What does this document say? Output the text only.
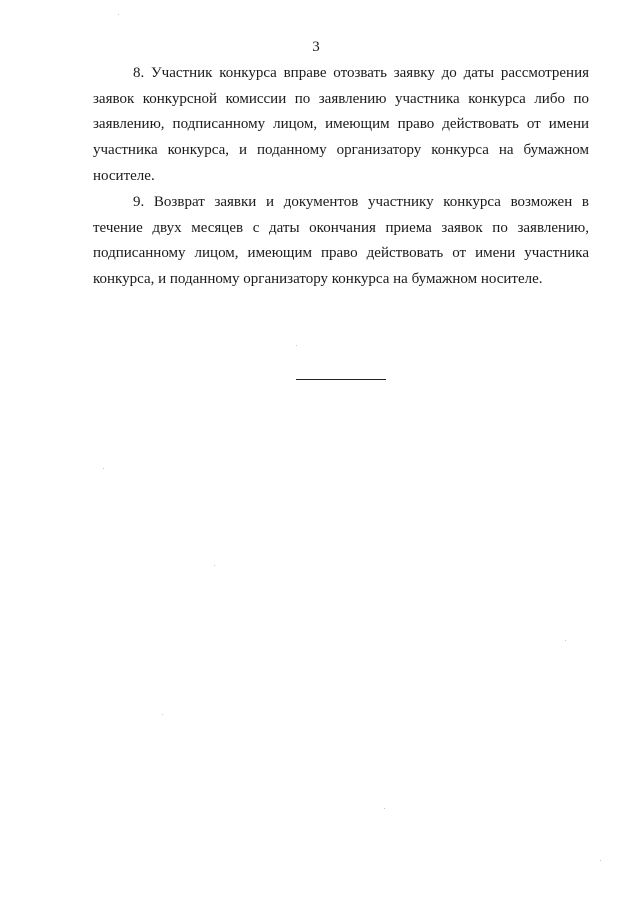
3

8. Участник конкурса вправе отозвать заявку до даты рассмотрения заявок конкурсной комиссии по заявлению участника конкурса либо по заявлению, подписанному лицом, имеющим право действовать от имени участника конкурса, и поданному организатору конкурса на бумажном носителе.

9. Возврат заявки и документов участнику конкурса возможен в течение двух месяцев с даты окончания приема заявок по заявлению, подписанному лицом, имеющим право действовать от имени участника конкурса, и поданному организатору конкурса на бумажном носителе.
